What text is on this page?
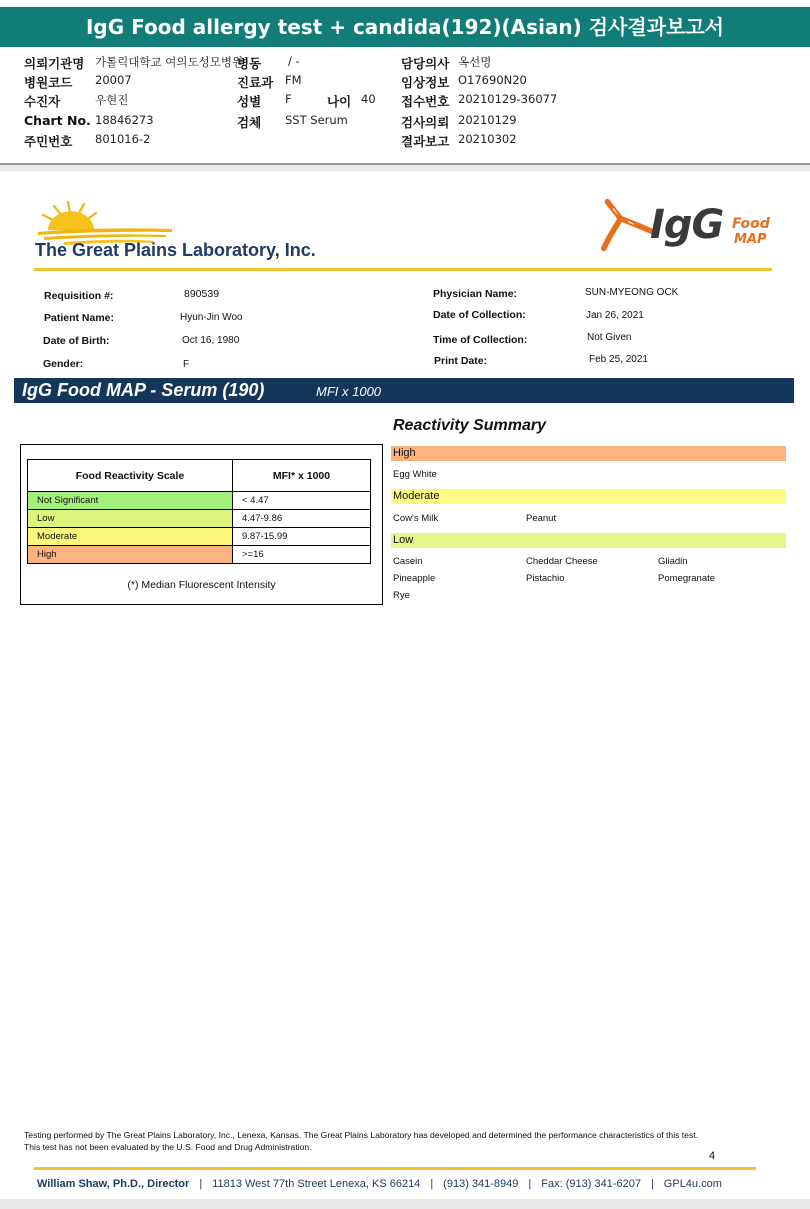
IgG Food allergy test + candida(192)(Asian) 검사결과보고서
의뢰기관명 가톨릭대학교 여의도성모병원
병동 / -	담당의사 옥선명
병원코드 20007	진료과 FM	임상정보 O17690N20
수진자	우현진	성별 F	나이 40 접수번호 20210129-36077
Chart No. 18846273	검체 SST Serum	검사의뢰 20210129
주민번호 801016-2	결과보고 20210302
The Great Plains Laboratory, Inc.
IgG Food
MAP
Requisition #:	890539
Patient Name:	Hyun-Jin Woo
Date of Birth:	Oct 16, 1980
Gender:	F
Physician Name:	SUN-MYEONG OCK
Date of Collection:	Jan 26, 2021
Time of Collection:	Not Given
Print Date:	Feb 25, 2021
IgG Food MAP - Serum (190)	MFI x 1000
Food Reactivity Scale	MFI* x 1000
Not Significant	< 4.47
Low	4.47-9.86
Moderate	9.87-15.99
High	>=16
(*) Median Fluorescent Intensity
Reactivity Summary
High
Egg White
Moderate
Cow's Milk	Peanut
Low
Casein	Cheddar Cheese	Gliadin
Pineapple	Pistachio	Pomegranate
Rye
Testing performed by The Great Plains Laboratory, Inc., Lenexa, Kansas. The Great Plains Laboratory has developed and determined the performance characteristics of this test. This test has not been evaluated by the U.S. Food and Drug Administration.
4
William Shaw, Ph.D., Director | 11813 West 77th Street Lenexa, KS 66214 | (913) 341-8949 | Fax: (913) 341-6207 | GPL4u.com
